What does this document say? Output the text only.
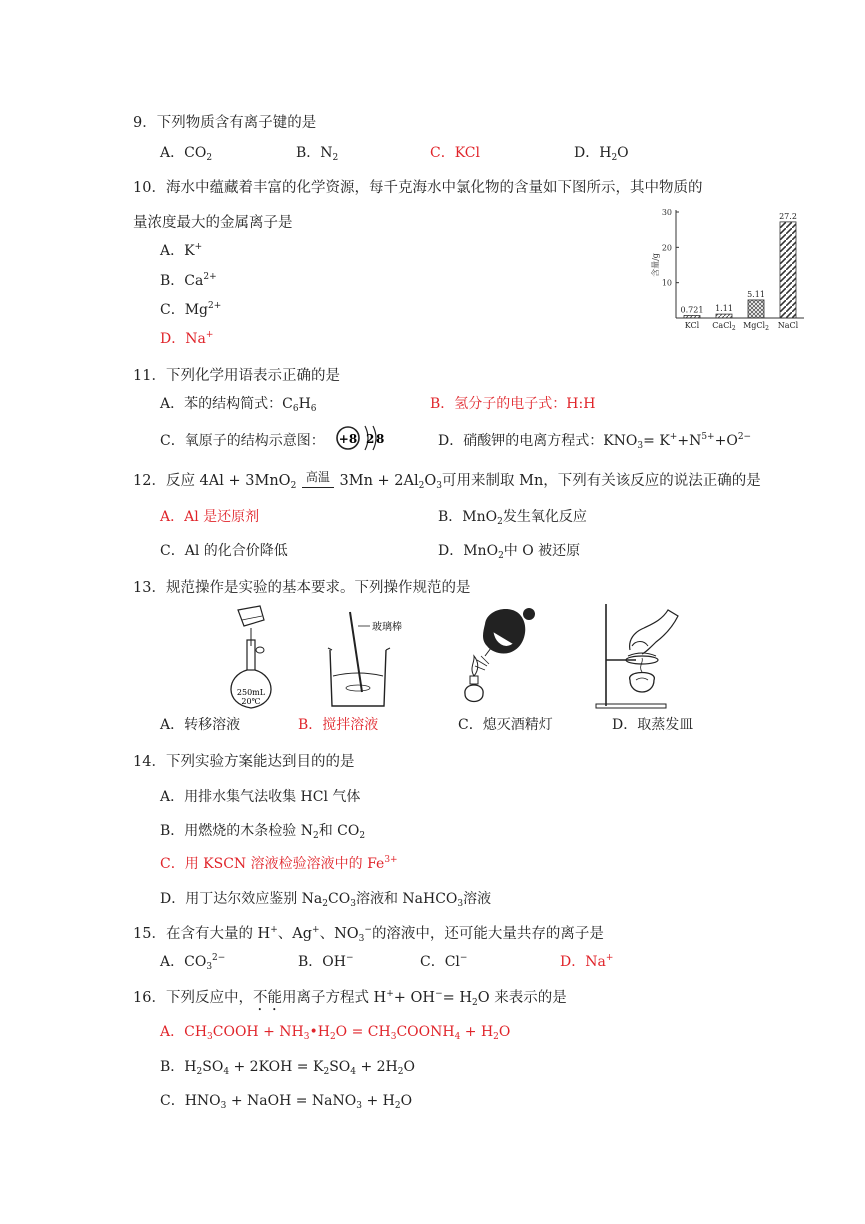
9．下列物质含有离子键的是
A．$CO_2$	B．$N_2$	C．KCl	D．$H_2O$
10．海水中蕴藏着丰富的化学资源，每千克海水中氯化物的含量如下图所示，其中物质的
量浓度最大的金属离子是
A．K+
B．$Ca^{2+}$
C．$Mg^{2+}$
D．Na+
10
20
30
含量/g
0.721
KCl
1.11
CaCl$_2$
5.11
MgCl$_2$
27.2
NaCl
11．下列化学用语表示正确的是
A．苯的结构简式：$C_6H_6$	B．氢分子的电子式：H:H
C．氧原子的结构示意图： +8 2 8	D．硝酸钾的电离方程式：$KNO_3= K^++N^{5+}+O^{2-}$
12．反应 4Al + 3MnO$_2$ $^{高温}$
$3Mn + 2Al_2O_3$可用来制取 Mn，下列有关该反应的说法正确的是
A．Al 是还原剂	B．MnO$_2$发生氧化反应
C．Al 的化合价降低	D．MnO$_2$中 O 被还原
13．规范操作是实验的基本要求。下列操作规范的是
250mL
20℃
玻璃棒
A．转移溶液	B．搅拌溶液	C．熄灭酒精灯	D．取蒸发皿
14．下列实验方案能达到目的的是
A．用排水集气法收集 HCl 气体
B．用燃烧的木条检验 $N_2$和 $CO_2$
C．用 KSCN 溶液检验溶液中的 $Fe^{3+}$
D．用丁达尔效应鉴别 $Na_2CO_3$溶液和 NaHCO$_3$溶液
15．在含有大量的 H+、Ag+、$NO_3^-$的溶液中，还可能大量共存的离子是
A．$CO_3^{2-}$	B．OH−	C．Cl−	D．Na+
16．下列反应中，不能用离子方程式 $H^++ OH^-= H_2O$ 来表示的是
A．$CH_3COOH$ + $NH_3•H_2O$ = $CH_3COONH_4 + H_2O$
B．$H_2SO_4 + 2KOH = K_2SO_4 + 2H_2O$
C．$HNO_3$ + NaOH = NaNO$_3$ + $H_2O$
